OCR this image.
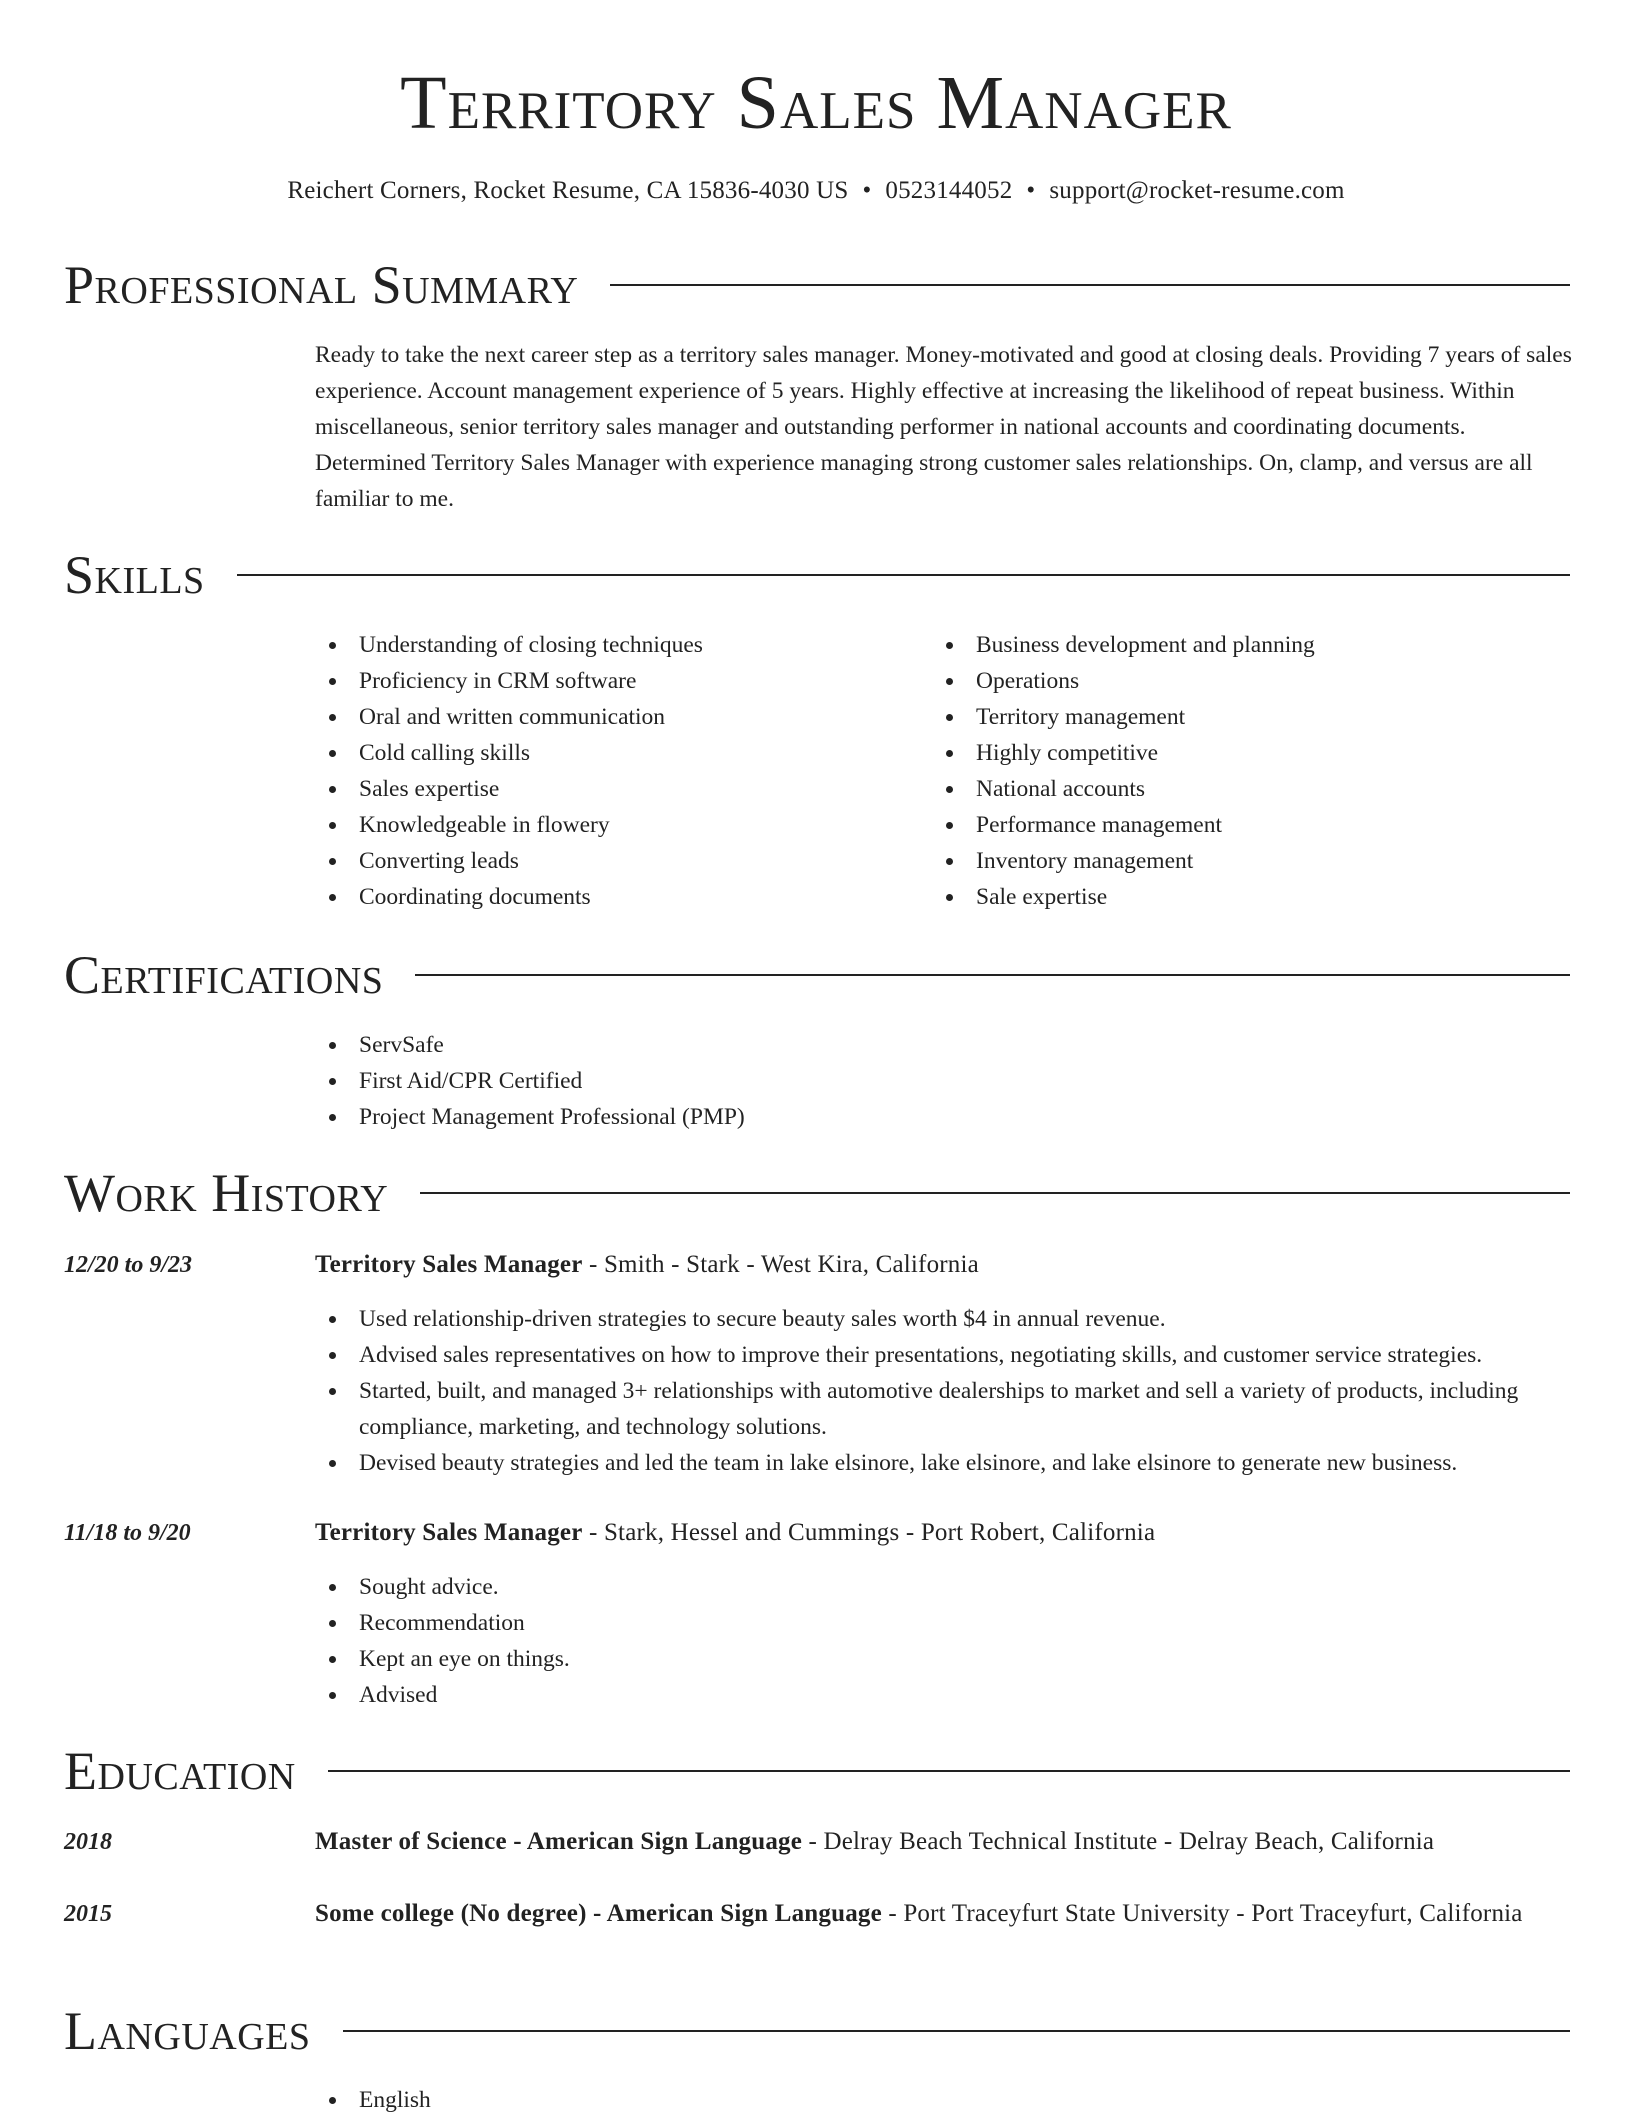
Territory Sales Manager
Reichert Corners, Rocket Resume, CA 15836-4030 US • 0523144052 • support@rocket-resume.com
Professional Summary
Ready to take the next career step as a territory sales manager. Money-motivated and good at closing deals. Providing 7 years of sales experience. Account management experience of 5 years. Highly effective at increasing the likelihood of repeat business. Within miscellaneous, senior territory sales manager and outstanding performer in national accounts and coordinating documents. Determined Territory Sales Manager with experience managing strong customer sales relationships. On, clamp, and versus are all familiar to me.
Skills
Understanding of closing techniques
Proficiency in CRM software
Oral and written communication
Cold calling skills
Sales expertise
Knowledgeable in flowery
Converting leads
Coordinating documents
Business development and planning
Operations
Territory management
Highly competitive
National accounts
Performance management
Inventory management
Sale expertise
Certifications
ServSafe
First Aid/CPR Certified
Project Management Professional (PMP)
Work History
12/20 to 9/23	Territory Sales Manager - Smith - Stark - West Kira, California
Used relationship-driven strategies to secure beauty sales worth $4 in annual revenue.
Advised sales representatives on how to improve their presentations, negotiating skills, and customer service strategies.
Started, built, and managed 3+ relationships with automotive dealerships to market and sell a variety of products, including compliance, marketing, and technology solutions.
Devised beauty strategies and led the team in lake elsinore, lake elsinore, and lake elsinore to generate new business.
11/18 to 9/20	Territory Sales Manager - Stark, Hessel and Cummings - Port Robert, California
Sought advice.
Recommendation
Kept an eye on things.
Advised
Education
2018	Master of Science - American Sign Language - Delray Beach Technical Institute - Delray Beach, California
2015	Some college (No degree) - American Sign Language - Port Traceyfurt State University - Port Traceyfurt, California
Languages
English
